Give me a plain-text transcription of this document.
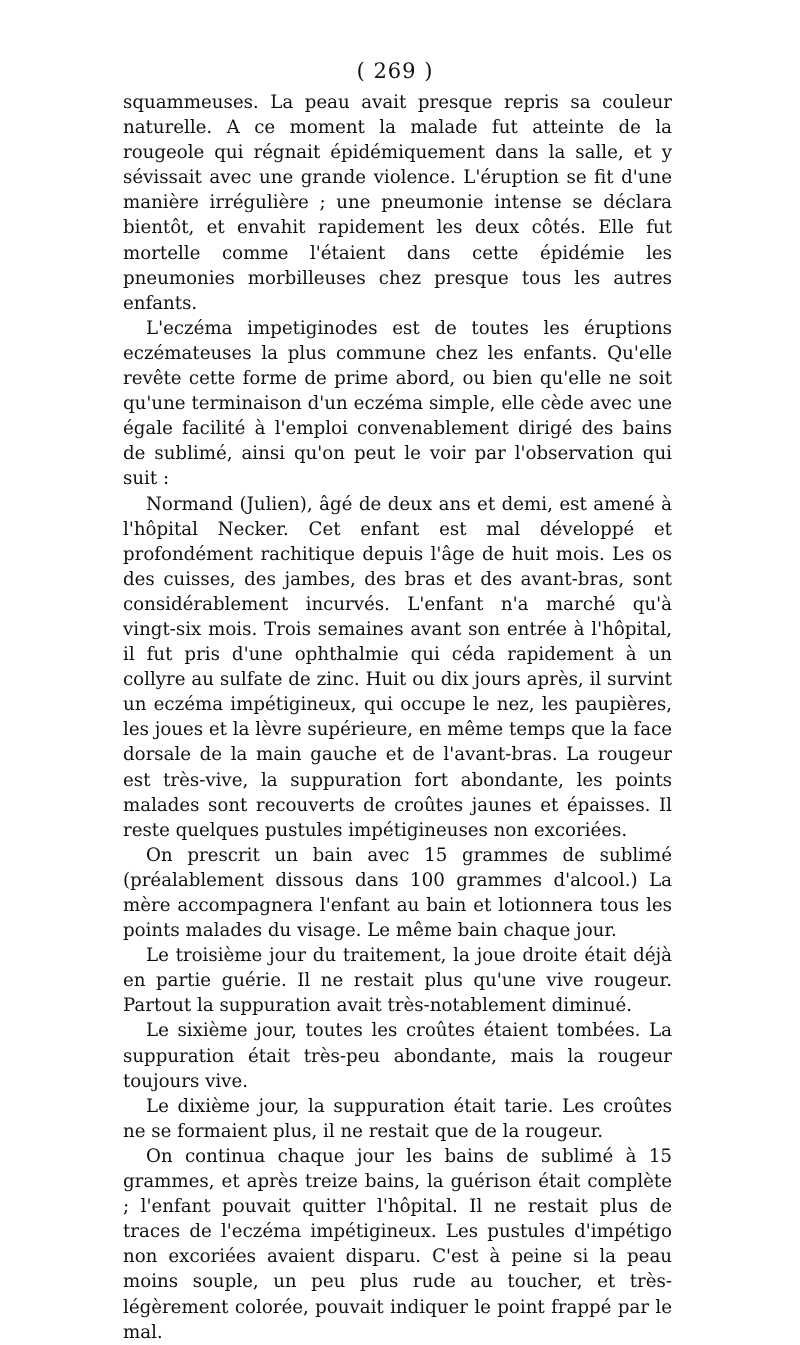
( 269 )

squammeuses. La peau avait presque repris sa couleur naturelle. A ce moment la malade fut atteinte de la rougeole qui régnait épidémiquement dans la salle, et y sévissait avec une grande violence. L'éruption se fit d'une manière irrégulière ; une pneumonie intense se déclara bientôt, et envahit rapidement les deux côtés. Elle fut mortelle comme l'étaient dans cette épidémie les pneumonies morbilleuses chez presque tous les autres enfants.

L'eczéma impetiginodes est de toutes les éruptions eczémateuses la plus commune chez les enfants. Qu'elle revête cette forme de prime abord, ou bien qu'elle ne soit qu'une terminaison d'un eczéma simple, elle cède avec une égale facilité à l'emploi convenablement dirigé des bains de sublimé, ainsi qu'on peut le voir par l'observation qui suit :

Normand (Julien), âgé de deux ans et demi, est amené à l'hôpital Necker. Cet enfant est mal développé et profondément rachitique depuis l'âge de huit mois. Les os des cuisses, des jambes, des bras et des avant-bras, sont considérablement incurvés. L'enfant n'a marché qu'à vingt-six mois. Trois semaines avant son entrée à l'hôpital, il fut pris d'une ophthalmie qui céda rapidement à un collyre au sulfate de zinc. Huit ou dix jours après, il survint un eczéma impétigineux, qui occupe le nez, les paupières, les joues et la lèvre supérieure, en même temps que la face dorsale de la main gauche et de l'avant-bras. La rougeur est très-vive, la suppuration fort abondante, les points malades sont recouverts de croûtes jaunes et épaisses. Il reste quelques pustules impétigineuses non excoriées.

On prescrit un bain avec 15 grammes de sublimé (préalablement dissous dans 100 grammes d'alcool.) La mère accompagnera l'enfant au bain et lotionnera tous les points malades du visage. Le même bain chaque jour.

Le troisième jour du traitement, la joue droite était déjà en partie guérie. Il ne restait plus qu'une vive rougeur. Partout la suppuration avait très-notablement diminué.

Le sixième jour, toutes les croûtes étaient tombées. La suppuration était très-peu abondante, mais la rougeur toujours vive.

Le dixième jour, la suppuration était tarie. Les croûtes ne se formaient plus, il ne restait que de la rougeur.

On continua chaque jour les bains de sublimé à 15 grammes, et après treize bains, la guérison était complète ; l'enfant pouvait quitter l'hôpital. Il ne restait plus de traces de l'eczéma impétigineux. Les pustules d'impétigo non excoriées avaient disparu. C'est à peine si la peau moins souple, un peu plus rude au toucher, et très-légèrement colorée, pouvait indiquer le point frappé par le mal.
